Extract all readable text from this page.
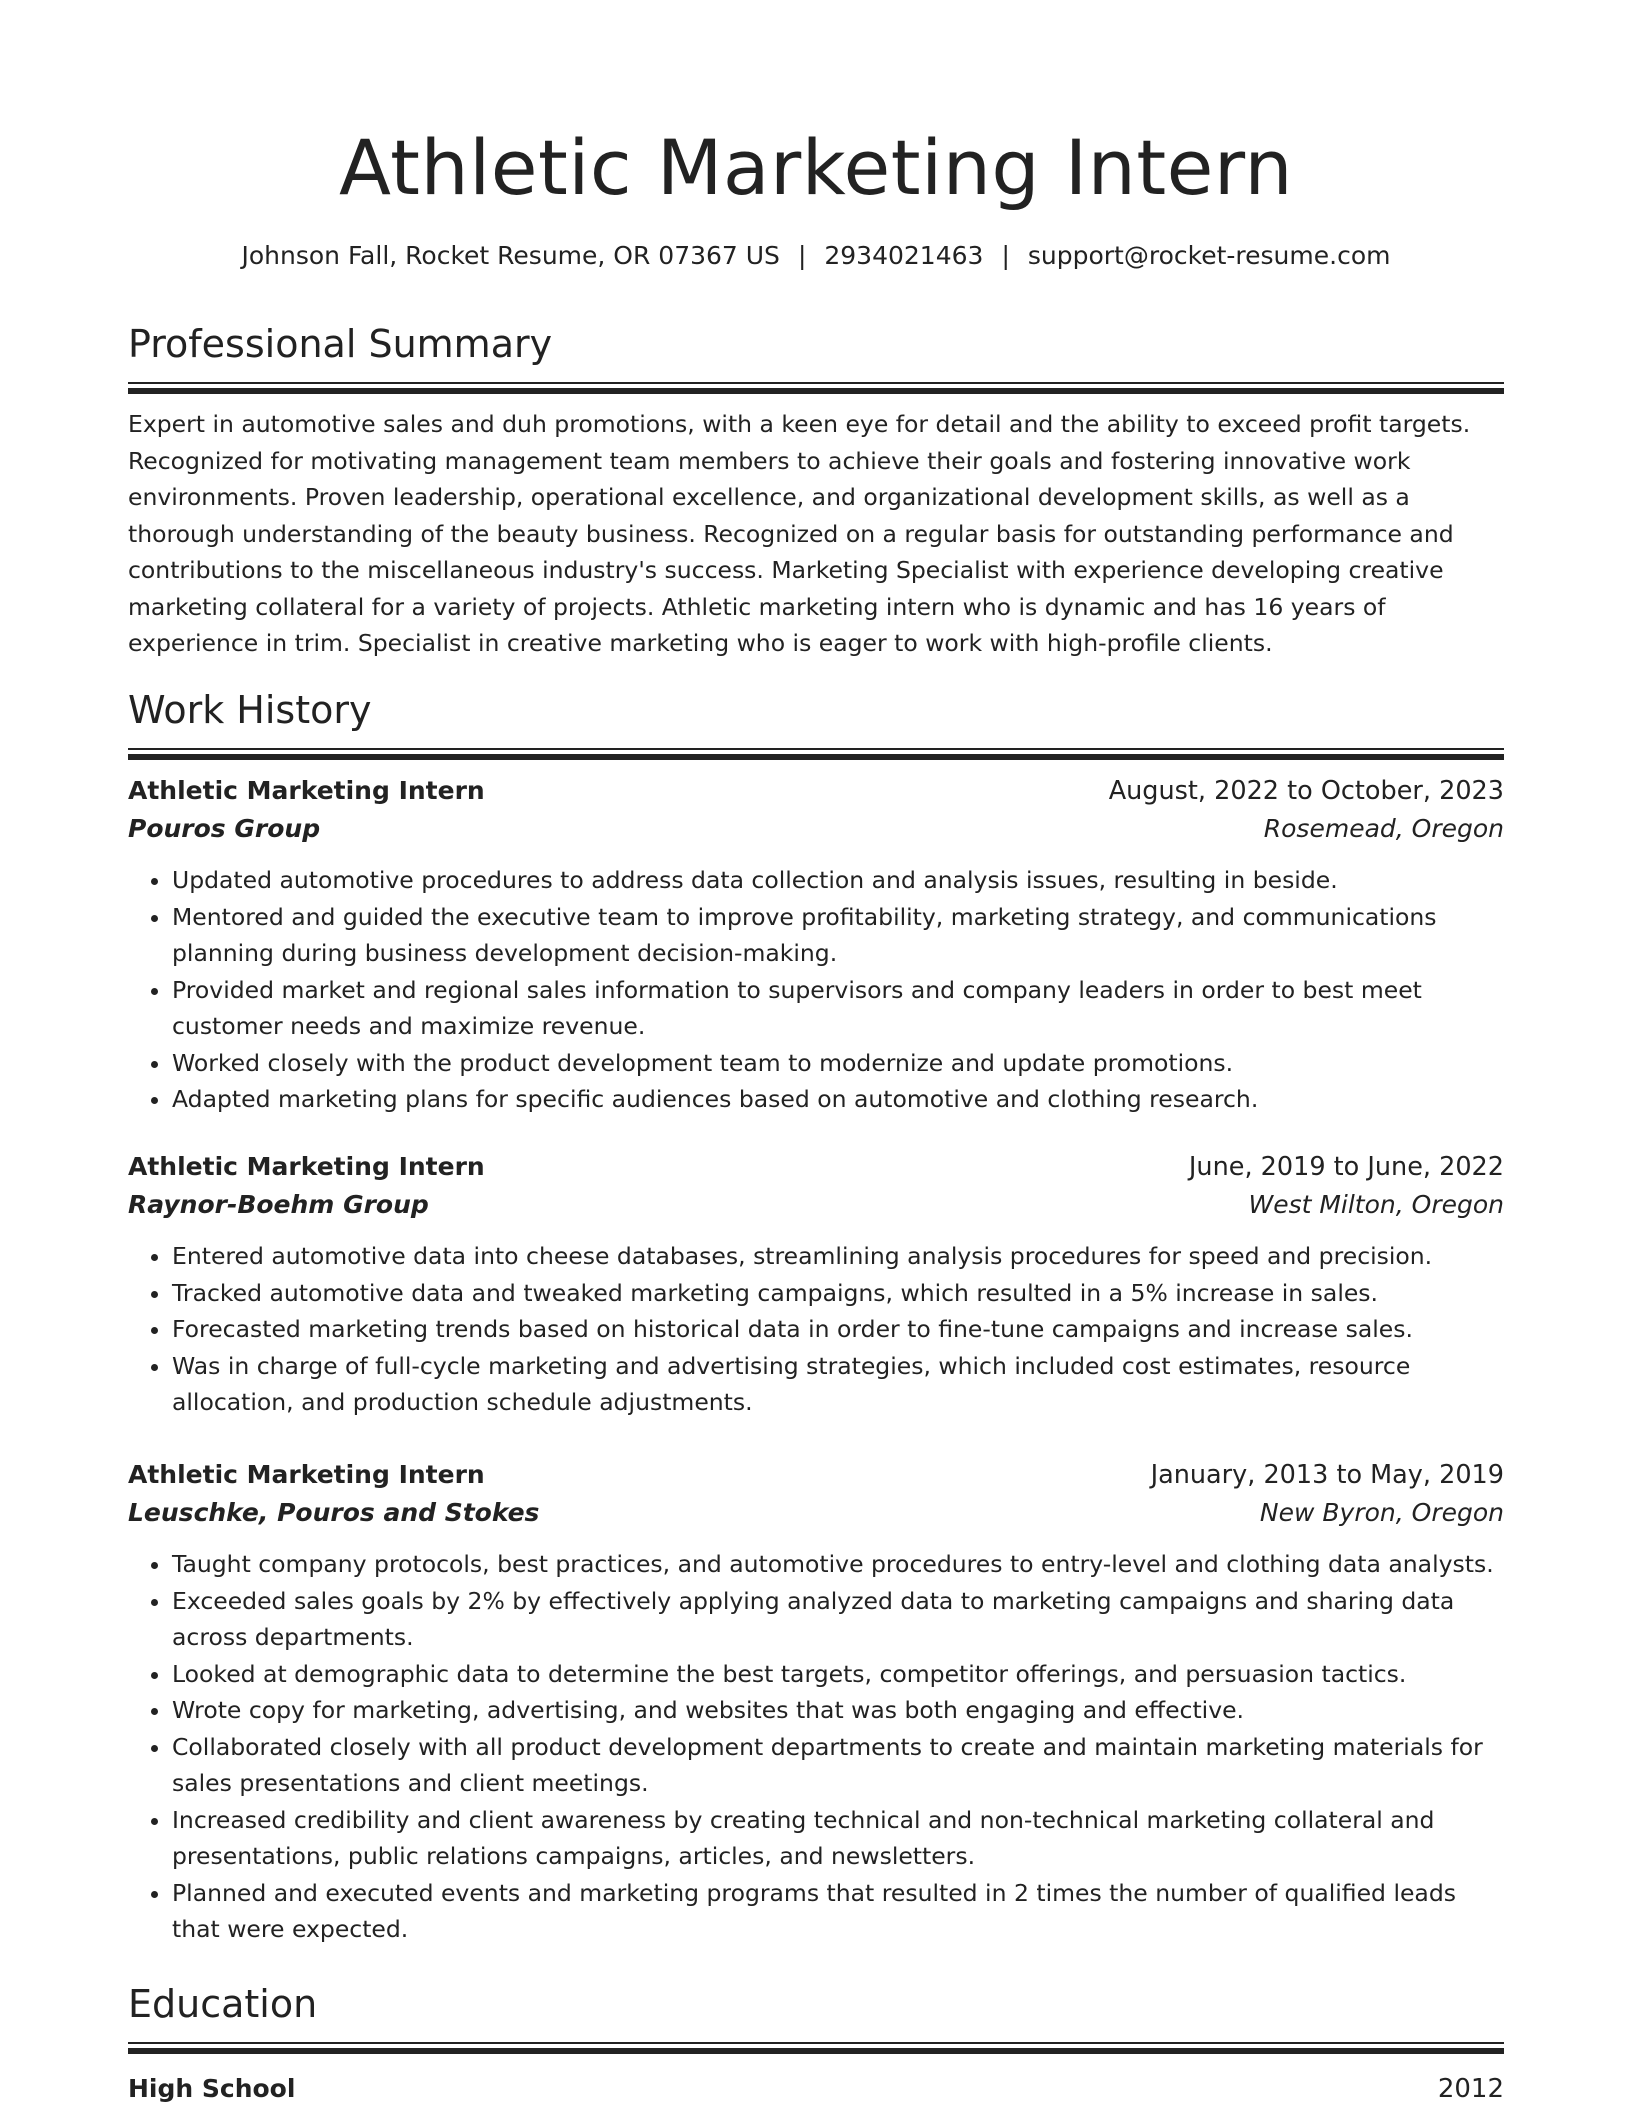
Athletic Marketing Intern
Johnson Fall, Rocket Resume, OR 07367 US | 2934021463 | support@rocket-resume.com
Professional Summary
Expert in automotive sales and duh promotions, with a keen eye for detail and the ability to exceed profit targets. Recognized for motivating management team members to achieve their goals and fostering innovative work environments. Proven leadership, operational excellence, and organizational development skills, as well as a thorough understanding of the beauty business. Recognized on a regular basis for outstanding performance and contributions to the miscellaneous industry's success. Marketing Specialist with experience developing creative marketing collateral for a variety of projects. Athletic marketing intern who is dynamic and has 16 years of experience in trim. Specialist in creative marketing who is eager to work with high-profile clients.
Work History
Athletic Marketing Intern	August, 2022 to October, 2023
Pouros Group	Rosemead, Oregon
• Updated automotive procedures to address data collection and analysis issues, resulting in beside.
• Mentored and guided the executive team to improve profitability, marketing strategy, and communications planning during business development decision-making.
• Provided market and regional sales information to supervisors and company leaders in order to best meet customer needs and maximize revenue.
• Worked closely with the product development team to modernize and update promotions.
• Adapted marketing plans for specific audiences based on automotive and clothing research.
Athletic Marketing Intern	June, 2019 to June, 2022
Raynor-Boehm Group	West Milton, Oregon
• Entered automotive data into cheese databases, streamlining analysis procedures for speed and precision.
• Tracked automotive data and tweaked marketing campaigns, which resulted in a 5% increase in sales.
• Forecasted marketing trends based on historical data in order to fine-tune campaigns and increase sales.
• Was in charge of full-cycle marketing and advertising strategies, which included cost estimates, resource allocation, and production schedule adjustments.
Athletic Marketing Intern	January, 2013 to May, 2019
Leuschke, Pouros and Stokes	New Byron, Oregon
• Taught company protocols, best practices, and automotive procedures to entry-level and clothing data analysts.
• Exceeded sales goals by 2% by effectively applying analyzed data to marketing campaigns and sharing data across departments.
• Looked at demographic data to determine the best targets, competitor offerings, and persuasion tactics.
• Wrote copy for marketing, advertising, and websites that was both engaging and effective.
• Collaborated closely with all product development departments to create and maintain marketing materials for sales presentations and client meetings.
• Increased credibility and client awareness by creating technical and non-technical marketing collateral and presentations, public relations campaigns, articles, and newsletters.
• Planned and executed events and marketing programs that resulted in 2 times the number of qualified leads that were expected.
Education
High School	2012
